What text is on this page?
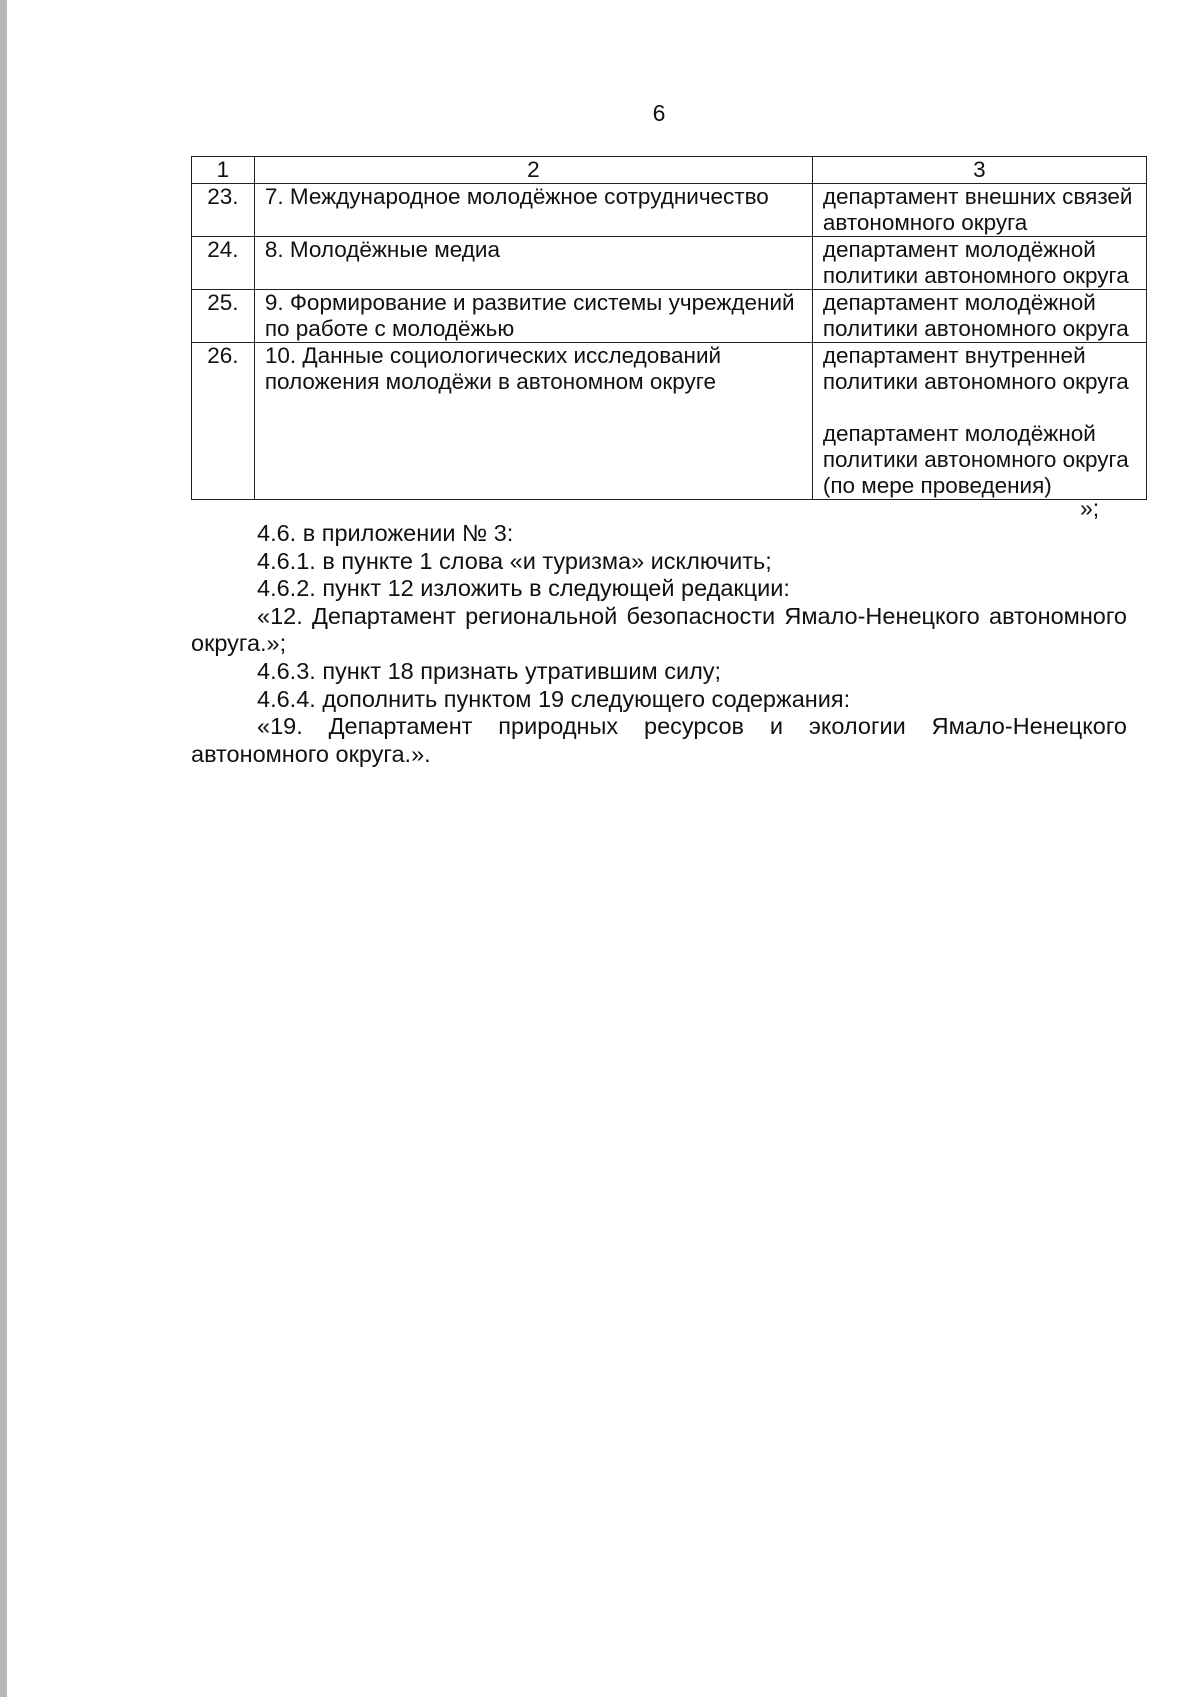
6
1	2	3
23.	7. Международное молодёжное сотрудничество	департамент внешних связей автономного округа

24.	8. Молодёжные медиа	департамент молодёжной политики автономного округа

25.	9. Формирование и развитие системы учреждений по работе с молодёжью	департамент молодёжной политики автономного округа

26.	10. Данные социологических исследований положения молодёжи в автономном округе	департамент внутренней политики автономного округа
департамент молодёжной политики автономного округа (по мере проведения)
»;

4.6. в приложении № 3:

4.6.1. в пункте 1 слова «и туризма» исключить;

4.6.2. пункт 12 изложить в следующей редакции:

«12. Департамент региональной безопасности Ямало-Ненецкого автономного округа.»;

4.6.3. пункт 18 признать утратившим силу;

4.6.4. дополнить пунктом 19 следующего содержания:

«19. Департамент природных ресурсов и экологии Ямало-Ненецкого автономного округа.».
